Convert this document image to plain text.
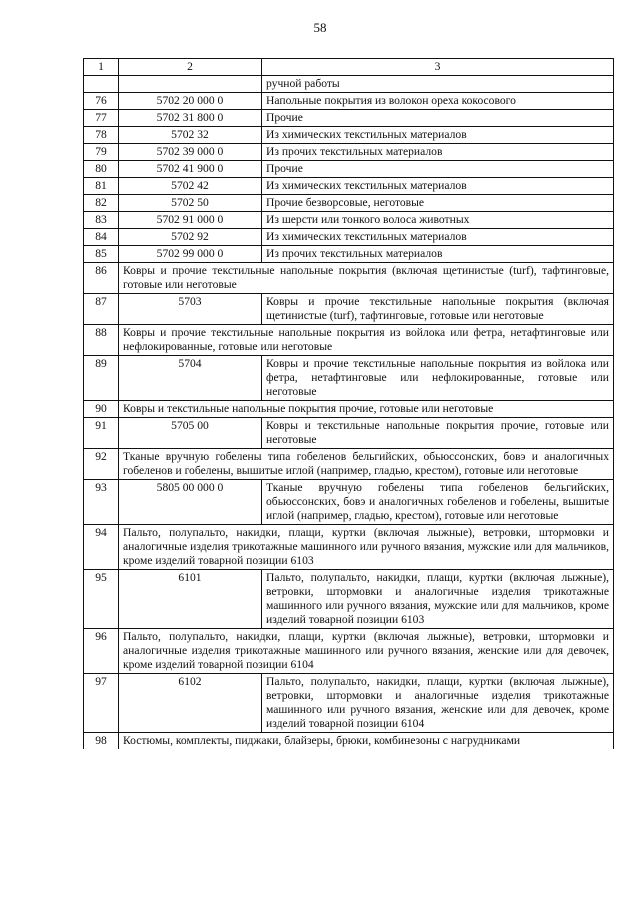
58
1	2	3
		ручной работы
76	5702 20 000 0	Напольные покрытия из волокон ореха кокосового
77	5702 31 800 0	Прочие
78	5702 32	Из химических текстильных материалов
79	5702 39 000 0	Из прочих текстильных материалов
80	5702 41 900 0	Прочие
81	5702 42	Из химических текстильных материалов
82	5702 50	Прочие безворсовые, неготовые
83	5702 91 000 0	Из шерсти или тонкого волоса животных
84	5702 92	Из химических текстильных материалов
85	5702 99 000 0	Из прочих текстильных материалов
86	Ковры и прочие текстильные напольные покрытия (включая щетинистые (turf), тафтинговые, готовые или неготовые	
87	5703	Ковры и прочие текстильные напольные покрытия (включая щетинистые (turf), тафтинговые, готовые или неготовые
88	Ковры и прочие текстильные напольные покрытия из войлока или фетра, нетафтинговые или нефлокированные, готовые или неготовые	
89	5704	Ковры и прочие текстильные напольные покрытия из войлока или фетра, нетафтинговые или нефлокированные, готовые или неготовые
90	Ковры и текстильные напольные покрытия прочие, готовые или неготовые	
91	5705 00	Ковры и текстильные напольные покрытия прочие, готовые или неготовые
92	Тканые вручную гобелены типа гобеленов бельгийских, обьюссонских, бовэ и аналогичных гобеленов и гобелены, вышитые иглой (например, гладью, крестом), готовые или неготовые	
93	5805 00 000 0	Тканые вручную гобелены типа гобеленов бельгийских, обьюссонских, бовэ и аналогичных гобеленов и гобелены, вышитые иглой (например, гладью, крестом), готовые или неготовые
94	Пальто, полупальто, накидки, плащи, куртки (включая лыжные), ветровки, штормовки и аналогичные изделия трикотажные машинного или ручного вязания, мужские или для мальчиков, кроме изделий товарной позиции 6103	
95	6101	Пальто, полупальто, накидки, плащи, куртки (включая лыжные), ветровки, штормовки и аналогичные изделия трикотажные машинного или ручного вязания, мужские или для мальчиков, кроме изделий товарной позиции 6103
96	Пальто, полупальто, накидки, плащи, куртки (включая лыжные), ветровки, штормовки и аналогичные изделия трикотажные машинного или ручного вязания, женские или для девочек, кроме изделий товарной позиции 6104	
97	6102	Пальто, полупальто, накидки, плащи, куртки (включая лыжные), ветровки, штормовки и аналогичные изделия трикотажные машинного или ручного вязания, женские или для девочек, кроме изделий товарной позиции 6104
98	Костюмы, комплекты, пиджаки, блайзеры, брюки, комбинезоны с нагрудниками	
